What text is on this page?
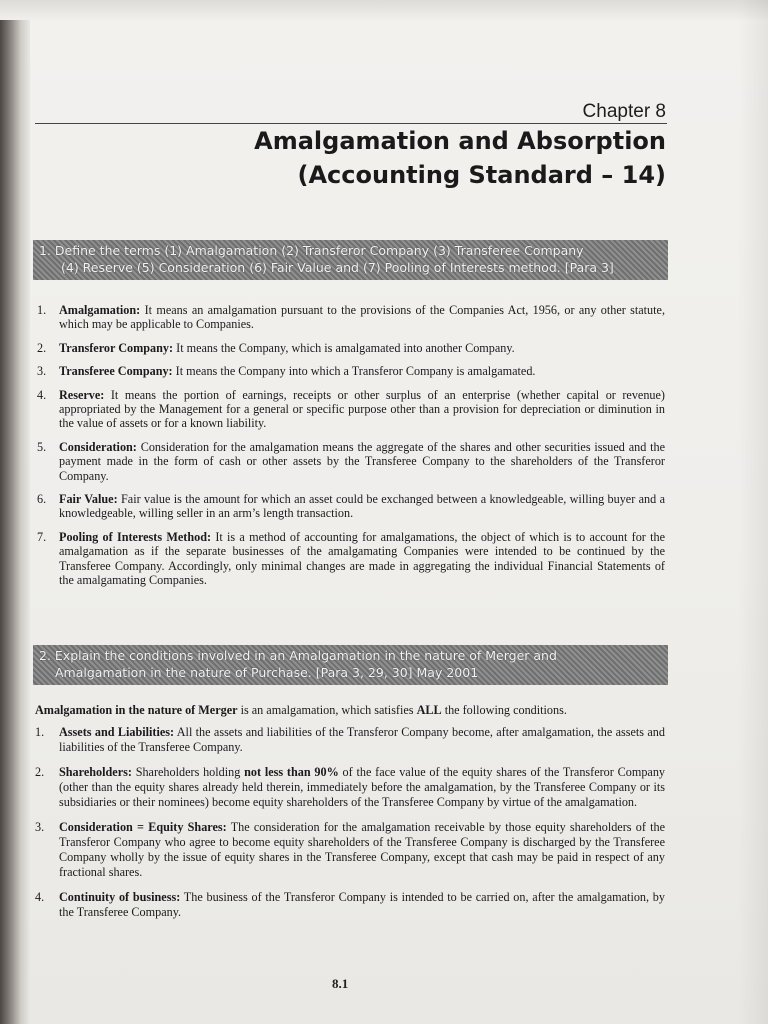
Chapter 8
Amalgamation and Absorption
(Accounting Standard – 14)
1. Define the terms (1) Amalgamation (2) Transferor Company (3) Transferee Company
(4) Reserve (5) Consideration (6) Fair Value and (7) Pooling of Interests method. [Para 3]
1. Amalgamation: It means an amalgamation pursuant to the provisions of the Companies Act, 1956, or any other statute, which may be applicable to Companies.
2. Transferor Company: It means the Company, which is amalgamated into another Company.
3. Transferee Company: It means the Company into which a Transferor Company is amalgamated.
4. Reserve: It means the portion of earnings, receipts or other surplus of an enterprise (whether capital or revenue) appropriated by the Management for a general or specific purpose other than a provision for depreciation or diminution in the value of assets or for a known liability.
5. Consideration: Consideration for the amalgamation means the aggregate of the shares and other securities issued and the payment made in the form of cash or other assets by the Transferee Company to the shareholders of the Transferor Company.
6. Fair Value: Fair value is the amount for which an asset could be exchanged between a knowledgeable, willing buyer and a knowledgeable, willing seller in an arm’s length transaction.
7. Pooling of Interests Method: It is a method of accounting for amalgamations, the object of which is to account for the amalgamation as if the separate businesses of the amalgamating Companies were intended to be continued by the Transferee Company. Accordingly, only minimal changes are made in aggregating the individual Financial Statements of the amalgamating Companies.
2. Explain the conditions involved in an Amalgamation in the nature of Merger and
Amalgamation in the nature of Purchase. [Para 3, 29, 30] May 2001
Amalgamation in the nature of Merger is an amalgamation, which satisfies ALL the following conditions.
1. Assets and Liabilities: All the assets and liabilities of the Transferor Company become, after amalgamation, the assets and liabilities of the Transferee Company.
2. Shareholders: Shareholders holding not less than 90% of the face value of the equity shares of the Transferor Company (other than the equity shares already held therein, immediately before the amalgamation, by the Transferee Company or its subsidiaries or their nominees) become equity shareholders of the Transferee Company by virtue of the amalgamation.
3. Consideration = Equity Shares: The consideration for the amalgamation receivable by those equity shareholders of the Transferor Company who agree to become equity shareholders of the Transferee Company is discharged by the Transferee Company wholly by the issue of equity shares in the Transferee Company, except that cash may be paid in respect of any fractional shares.
4. Continuity of business: The business of the Transferor Company is intended to be carried on, after the amalgamation, by the Transferee Company.
8.1
